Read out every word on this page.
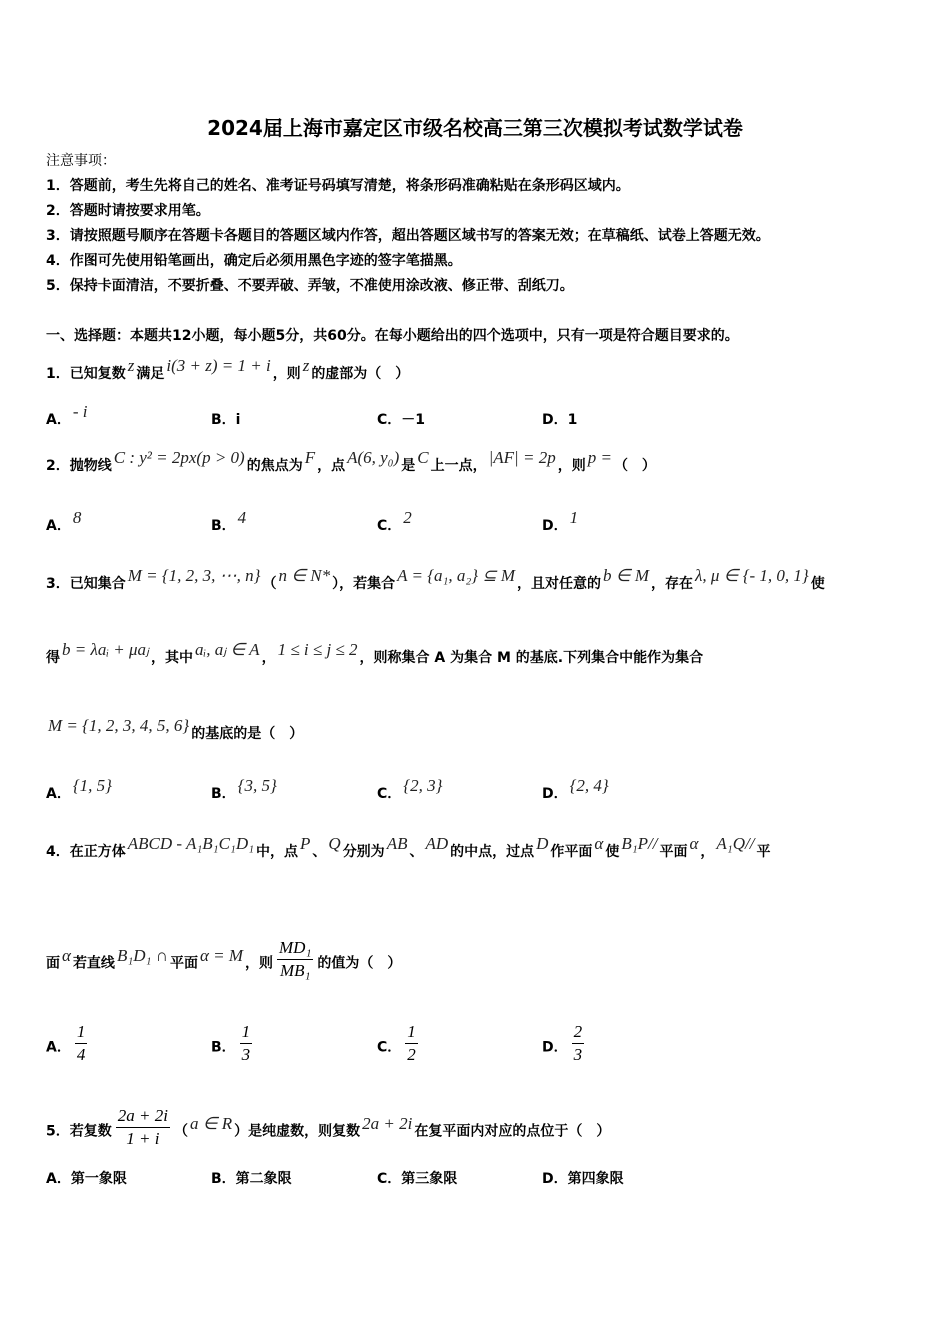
2024届上海市嘉定区市级名校高三第三次模拟考试数学试卷
注意事项：
1．答题前，考生先将自己的姓名、准考证号码填写清楚，将条形码准确粘贴在条形码区域内。
2．答题时请按要求用笔。
3．请按照题号顺序在答题卡各题目的答题区域内作答，超出答题区域书写的答案无效；在草稿纸、试卷上答题无效。
4．作图可先使用铅笔画出，确定后必须用黑色字迹的签字笔描黑。
5．保持卡面清洁，不要折叠、不要弄破、弄皱，不准使用涂改液、修正带、刮纸刀。
一、选择题：本题共12小题，每小题5分，共60分。在每小题给出的四个选项中，只有一项是符合题目要求的。
1．已知复数 z 满足 i(3 + z) = 1 + i ，则 z 的虚部为（　）
A． - i	B．i	C．－1	D．1
2．抛物线 C : y² = 2px(p > 0) 的焦点为 F ，点 A(6, y₀) 是 C 上一点， |AF| = 2p ，则 p = （　）
A． 8	B． 4	C． 2	D． 1
3．已知集合 M = {1, 2, 3, ⋯, n} （ n ∈ N* ），若集合 A = {a₁, a₂} ⊆ M ，且对任意的 b ∈ M ，存在 λ, μ ∈ {- 1, 0, 1} 使
得 b = λaᵢ + μaⱼ ，其中 aᵢ, aⱼ ∈ A ， 1 ≤ i ≤ j ≤ 2 ，则称集合 A 为集合 M 的基底.下列集合中能作为集合
M = {1, 2, 3, 4, 5, 6} 的基底的是（　）
A． {1, 5}	B． {3, 5}	C． {2, 3}	D． {2, 4}
4．在正方体 ABCD - A₁B₁C₁D₁ 中，点 P 、 Q 分别为 AB 、 AD 的中点，过点 D 作平面 α 使 B₁P// 平面 α ， A₁Q// 平
面 α 若直线 B₁D₁ ∩ 平面 α = M ，则 $\frac{\text{MD₁}}{\text{MB₁}}$ 的值为（　）
A． $\frac{1}{4}$	B． $\frac{1}{3}$	C． $\frac{1}{2}$	D． $\frac{2}{3}$
5．若复数 $\frac{2a + 2i}{1 + i}$ （ a ∈ R ）是纯虚数，则复数 2a + 2i 在复平面内对应的点位于（　）
A．第一象限	B．第二象限	C．第三象限	D．第四象限
